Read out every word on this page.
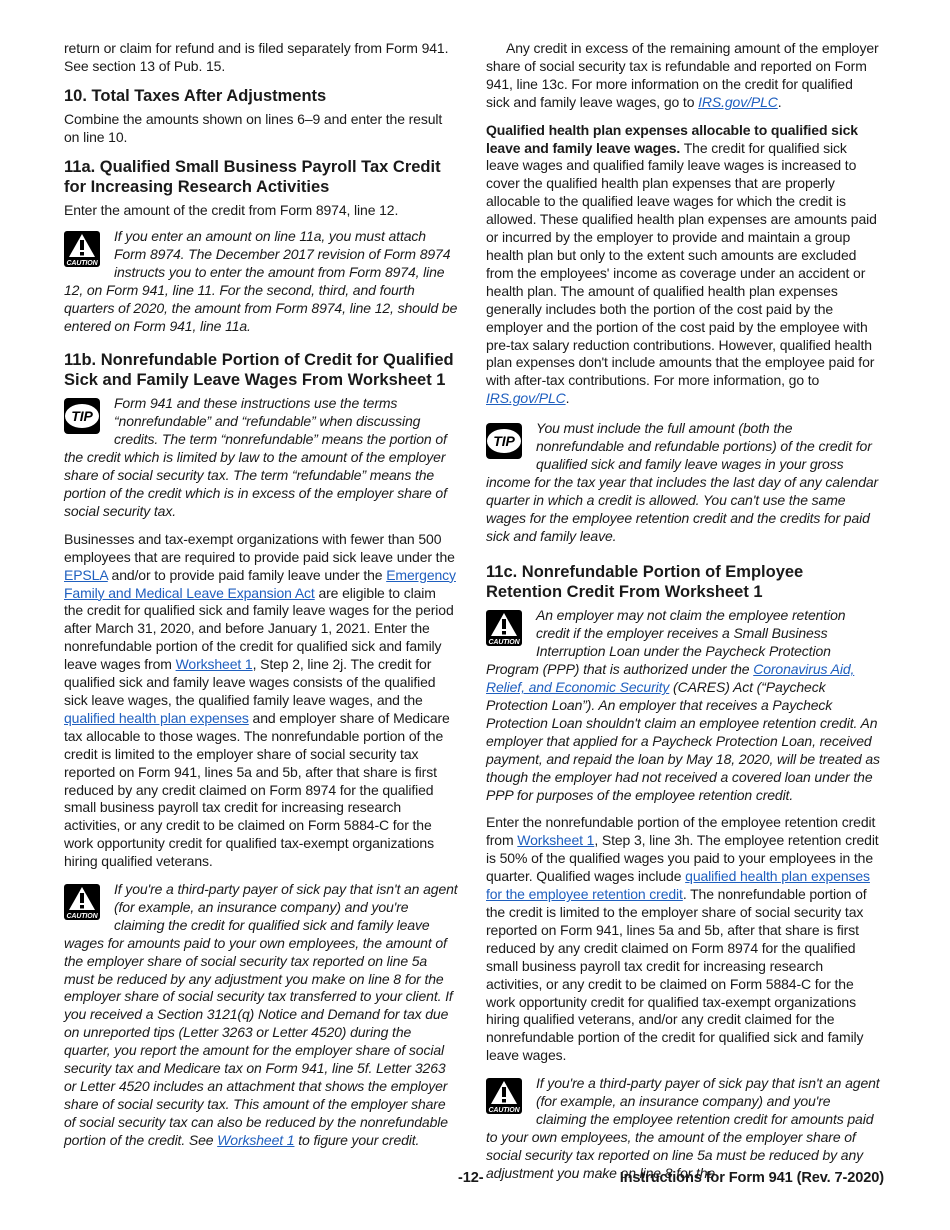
return or claim for refund and is filed separately from Form 941. See section 13 of Pub. 15.

10. Total Taxes After Adjustments

Combine the amounts shown on lines 6–9 and enter the result on line 10.

11a. Qualified Small Business Payroll Tax Credit for Increasing Research Activities

Enter the amount of the credit from Form 8974, line 12.

CAUTION
If you enter an amount on line 11a, you must attach Form 8974. The December 2017 revision of Form 8974 instructs you to enter the amount from Form 8974, line 12, on Form 941, line 11. For the second, third, and fourth quarters of 2020, the amount from Form 8974, line 12, should be entered on Form 941, line 11a.
11b. Nonrefundable Portion of Credit for Qualified Sick and Family Leave Wages From Worksheet 1
TIP
Form 941 and these instructions use the terms “nonrefundable” and “refundable” when discussing credits. The term “nonrefundable” means the portion of the credit which is limited by law to the amount of the employer share of social security tax. The term “refundable” means the portion of the credit which is in excess of the employer share of social security tax.

Businesses and tax-exempt organizations with fewer than 500 employees that are required to provide paid sick leave under the EPSLA and/or to provide paid family leave under the Emergency Family and Medical Leave Expansion Act are eligible to claim the credit for qualified sick and family leave wages for the period after March 31, 2020, and before January 1, 2021. Enter the nonrefundable portion of the credit for qualified sick and family leave wages from Worksheet 1, Step 2, line 2j. The credit for qualified sick and family leave wages consists of the qualified sick leave wages, the qualified family leave wages, and the qualified health plan expenses and employer share of Medicare tax allocable to those wages. The nonrefundable portion of the credit is limited to the employer share of social security tax reported on Form 941, lines 5a and 5b, after that share is first reduced by any credit claimed on Form 8974 for the qualified small business payroll tax credit for increasing research activities, or any credit to be claimed on Form 5884-C for the work opportunity credit for qualified tax-exempt organizations hiring qualified veterans.

CAUTION
If you're a third-party payer of sick pay that isn't an agent (for example, an insurance company) and you're claiming the credit for qualified sick and family leave wages for amounts paid to your own employees, the amount of the employer share of social security tax reported on line 5a must be reduced by any adjustment you make on line 8 for the employer share of social security tax transferred to your client. If you received a Section 3121(q) Notice and Demand for tax due on unreported tips (Letter 3263 or Letter 4520) during the quarter, you report the amount for the employer share of social security tax and Medicare tax on Form 941, line 5f. Letter 3263 or Letter 4520 includes an attachment that shows the employer share of social security tax. This amount of the employer share of social security tax can also be reduced by the nonrefundable portion of the credit. See Worksheet 1 to figure your credit.

Any credit in excess of the remaining amount of the employer share of social security tax is refundable and reported on Form 941, line 13c. For more information on the credit for qualified sick and family leave wages, go to IRS.gov/PLC.

Qualified health plan expenses allocable to qualified sick leave and family leave wages. The credit for qualified sick leave wages and qualified family leave wages is increased to cover the qualified health plan expenses that are properly allocable to the qualified leave wages for which the credit is allowed. These qualified health plan expenses are amounts paid or incurred by the employer to provide and maintain a group health plan but only to the extent such amounts are excluded from the employees' income as coverage under an accident or health plan. The amount of qualified health plan expenses generally includes both the portion of the cost paid by the employer and the portion of the cost paid by the employee with pre-tax salary reduction contributions. However, qualified health plan expenses don't include amounts that the employee paid for with after-tax contributions. For more information, go to IRS.gov/PLC.

TIP
You must include the full amount (both the nonrefundable and refundable portions) of the credit for qualified sick and family leave wages in your gross income for the tax year that includes the last day of any calendar quarter in which a credit is allowed. You can't use the same wages for the employee retention credit and the credits for paid sick and family leave.
11c. Nonrefundable Portion of Employee Retention Credit From Worksheet 1
CAUTION
An employer may not claim the employee retention credit if the employer receives a Small Business Interruption Loan under the Paycheck Protection Program (PPP) that is authorized under the Coronavirus Aid, Relief, and Economic Security (CARES) Act (“Paycheck Protection Loan”). An employer that receives a Paycheck Protection Loan shouldn't claim an employee retention credit. An employer that applied for a Paycheck Protection Loan, received payment, and repaid the loan by May 18, 2020, will be treated as though the employer had not received a covered loan under the PPP for purposes of the employee retention credit.

Enter the nonrefundable portion of the employee retention credit from Worksheet 1, Step 3, line 3h. The employee retention credit is 50% of the qualified wages you paid to your employees in the quarter. Qualified wages include qualified health plan expenses for the employee retention credit. The nonrefundable portion of the credit is limited to the employer share of social security tax reported on Form 941, lines 5a and 5b, after that share is first reduced by any credit claimed on Form 8974 for the qualified small business payroll tax credit for increasing research activities, or any credit to be claimed on Form 5884-C for the work opportunity credit for qualified tax-exempt organizations hiring qualified veterans, and/or any credit claimed for the nonrefundable portion of the credit for qualified sick and family leave wages.

CAUTION
If you're a third-party payer of sick pay that isn't an agent (for example, an insurance company) and you're claiming the employee retention credit for amounts paid to your own employees, the amount of the employer share of social security tax reported on line 5a must be reduced by any adjustment you make on line 8 for the
-12-	Instructions for Form 941 (Rev. 7-2020)
